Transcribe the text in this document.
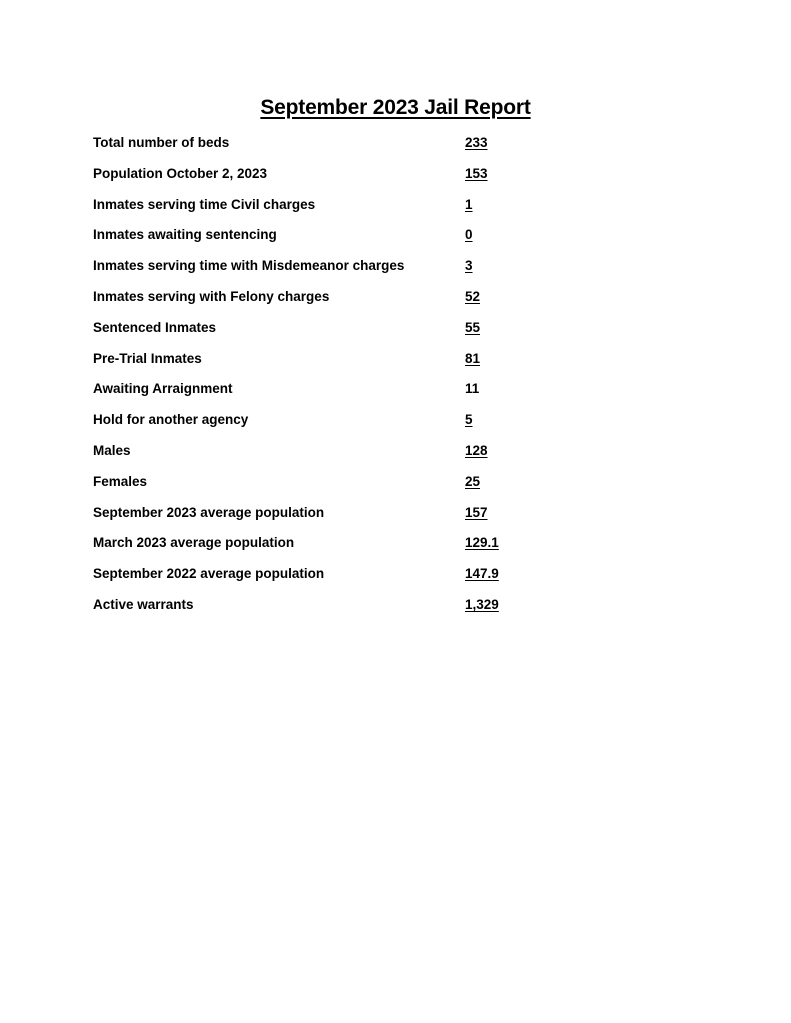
September 2023 Jail Report
Total number of beds	233
Population October 2, 2023	153
Inmates serving time Civil charges	1
Inmates awaiting sentencing	0
Inmates serving time with Misdemeanor charges	3
Inmates serving with Felony charges	52
Sentenced Inmates	55
Pre-Trial Inmates	81
Awaiting Arraignment	11
Hold for another agency	5
Males	128
Females	25
September 2023 average population	157
March 2023 average population	129.1
September 2022 average population	147.9
Active warrants	1,329
